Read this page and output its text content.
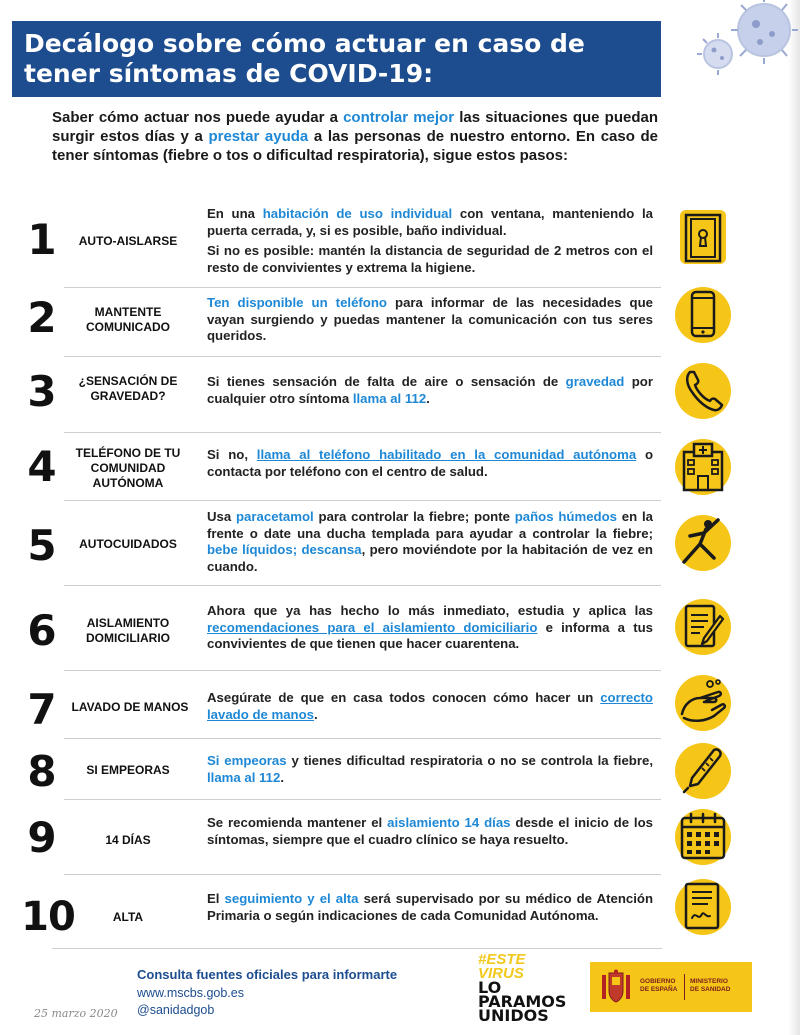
Decálogo sobre cómo actuar en caso de
tener síntomas de COVID-19:
Saber cómo actuar nos puede ayudar a controlar mejor las situaciones que puedan surgir estos días y a prestar ayuda a las personas de nuestro entorno. En caso de tener síntomas (fiebre o tos o dificultad respiratoria), sigue estos pasos:
1	AUTO-AISLARSE

En una habitación de uso individual con ventana, manteniendo la puerta cerrada, y, si es posible, baño individual.

Si no es posible: mantén la distancia de seguridad de 2 metros con el resto de convivientes y extrema la higiene.

2	MANTENTE COMUNICADO

Ten disponible un teléfono para informar de las necesidades que vayan surgiendo y puedas mantener la comunicación con tus seres queridos.

3	¿SENSACIÓN DE GRAVEDAD?

Si tienes sensación de falta de aire o sensación de gravedad por cualquier otro síntoma llama al 112.

4	TELÉFONO DE TU COMUNIDAD AUTÓNOMA

Si no, llama al teléfono habilitado en la comunidad autónoma o contacta por teléfono con el centro de salud.

5	AUTOCUIDADOS

Usa paracetamol para controlar la fiebre; ponte paños húmedos en la frente o date una ducha templada para ayudar a controlar la fiebre; bebe líquidos; descansa, pero moviéndote por la habitación de vez en cuando.

6	AISLAMIENTO DOMICILIARIO

Ahora que ya has hecho lo más inmediato, estudia y aplica las recomendaciones para el aislamiento domiciliario e informa a tus convivientes de que tienen que hacer cuarentena.

7	LAVADO DE MANOS

Asegúrate de que en casa todos conocen cómo hacer un correcto lavado de manos.

8	SI EMPEORAS

Si empeoras y tienes dificultad respiratoria o no se controla la fiebre, llama al 112.

9	14 DÍAS

Se recomienda mantener el aislamiento 14 días desde el inicio de los síntomas, siempre que el cuadro clínico se haya resuelto.

10	ALTA

El seguimiento y el alta será supervisado por su médico de Atención Primaria o según indicaciones de cada Comunidad Autónoma.

Consulta fuentes oficiales para informarte
www.mscbs.gob.es
@sanidadgob
25 marzo 2020
#ESTE
VIRUS
LO
PARAMOS
UNIDOS
GOBIERNO
DE ESPAÑA
MINISTERIO
DE SANIDAD
